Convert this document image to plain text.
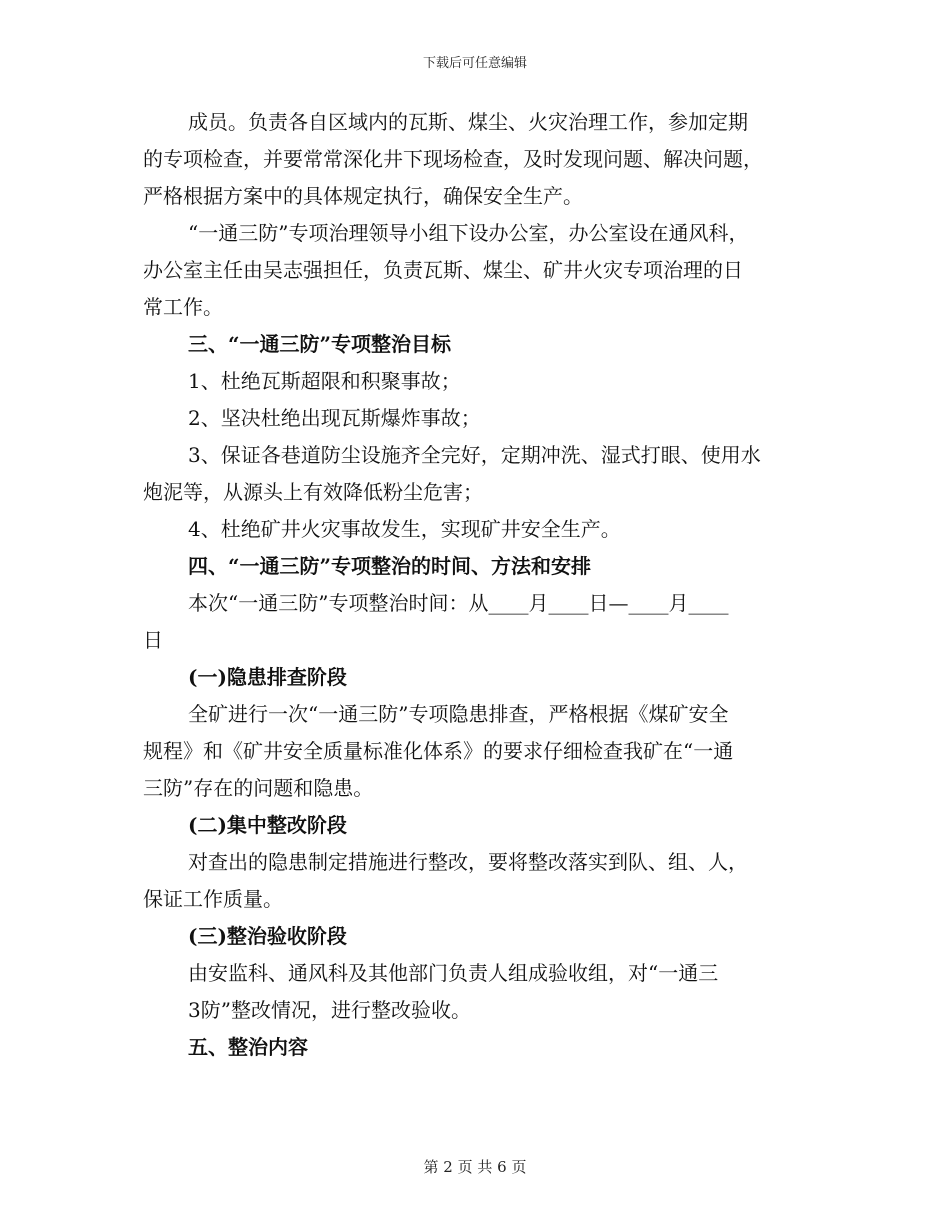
下载后可任意编辑
成员。负责各自区域内的瓦斯、煤尘、火灾治理工作，参加定期
的专项检查，并要常常深化井下现场检查，及时发现问题、解决问题，
严格根据方案中的具体规定执行，确保安全生产。
“一通三防”专项治理领导小组下设办公室，办公室设在通风科，
办公室主任由吴志强担任，负责瓦斯、煤尘、矿井火灾专项治理的日
常工作。
三、“一通三防”专项整治目标
1、杜绝瓦斯超限和积聚事故；
2、坚决杜绝出现瓦斯爆炸事故；
3、保证各巷道防尘设施齐全完好，定期冲洗、湿式打眼、使用水
炮泥等，从源头上有效降低粉尘危害；
4、杜绝矿井火灾事故发生，实现矿井安全生产。
四、“一通三防”专项整治的时间、方法和安排
本次“一通三防”专项整治时间：从____月____日—____月____
日
(一)隐患排查阶段
全矿进行一次“一通三防”专项隐患排查，严格根据《煤矿安全
规程》和《矿井安全质量标准化体系》的要求仔细检查我矿在“一通
三防”存在的问题和隐患。
(二)集中整改阶段
对查出的隐患制定措施进行整改，要将整改落实到队、组、人，
保证工作质量。
(三)整治验收阶段
由安监科、通风科及其他部门负责人组成验收组，对“一通三
3防”整改情况，进行整改验收。
五、整治内容
第 2 页 共 6 页
